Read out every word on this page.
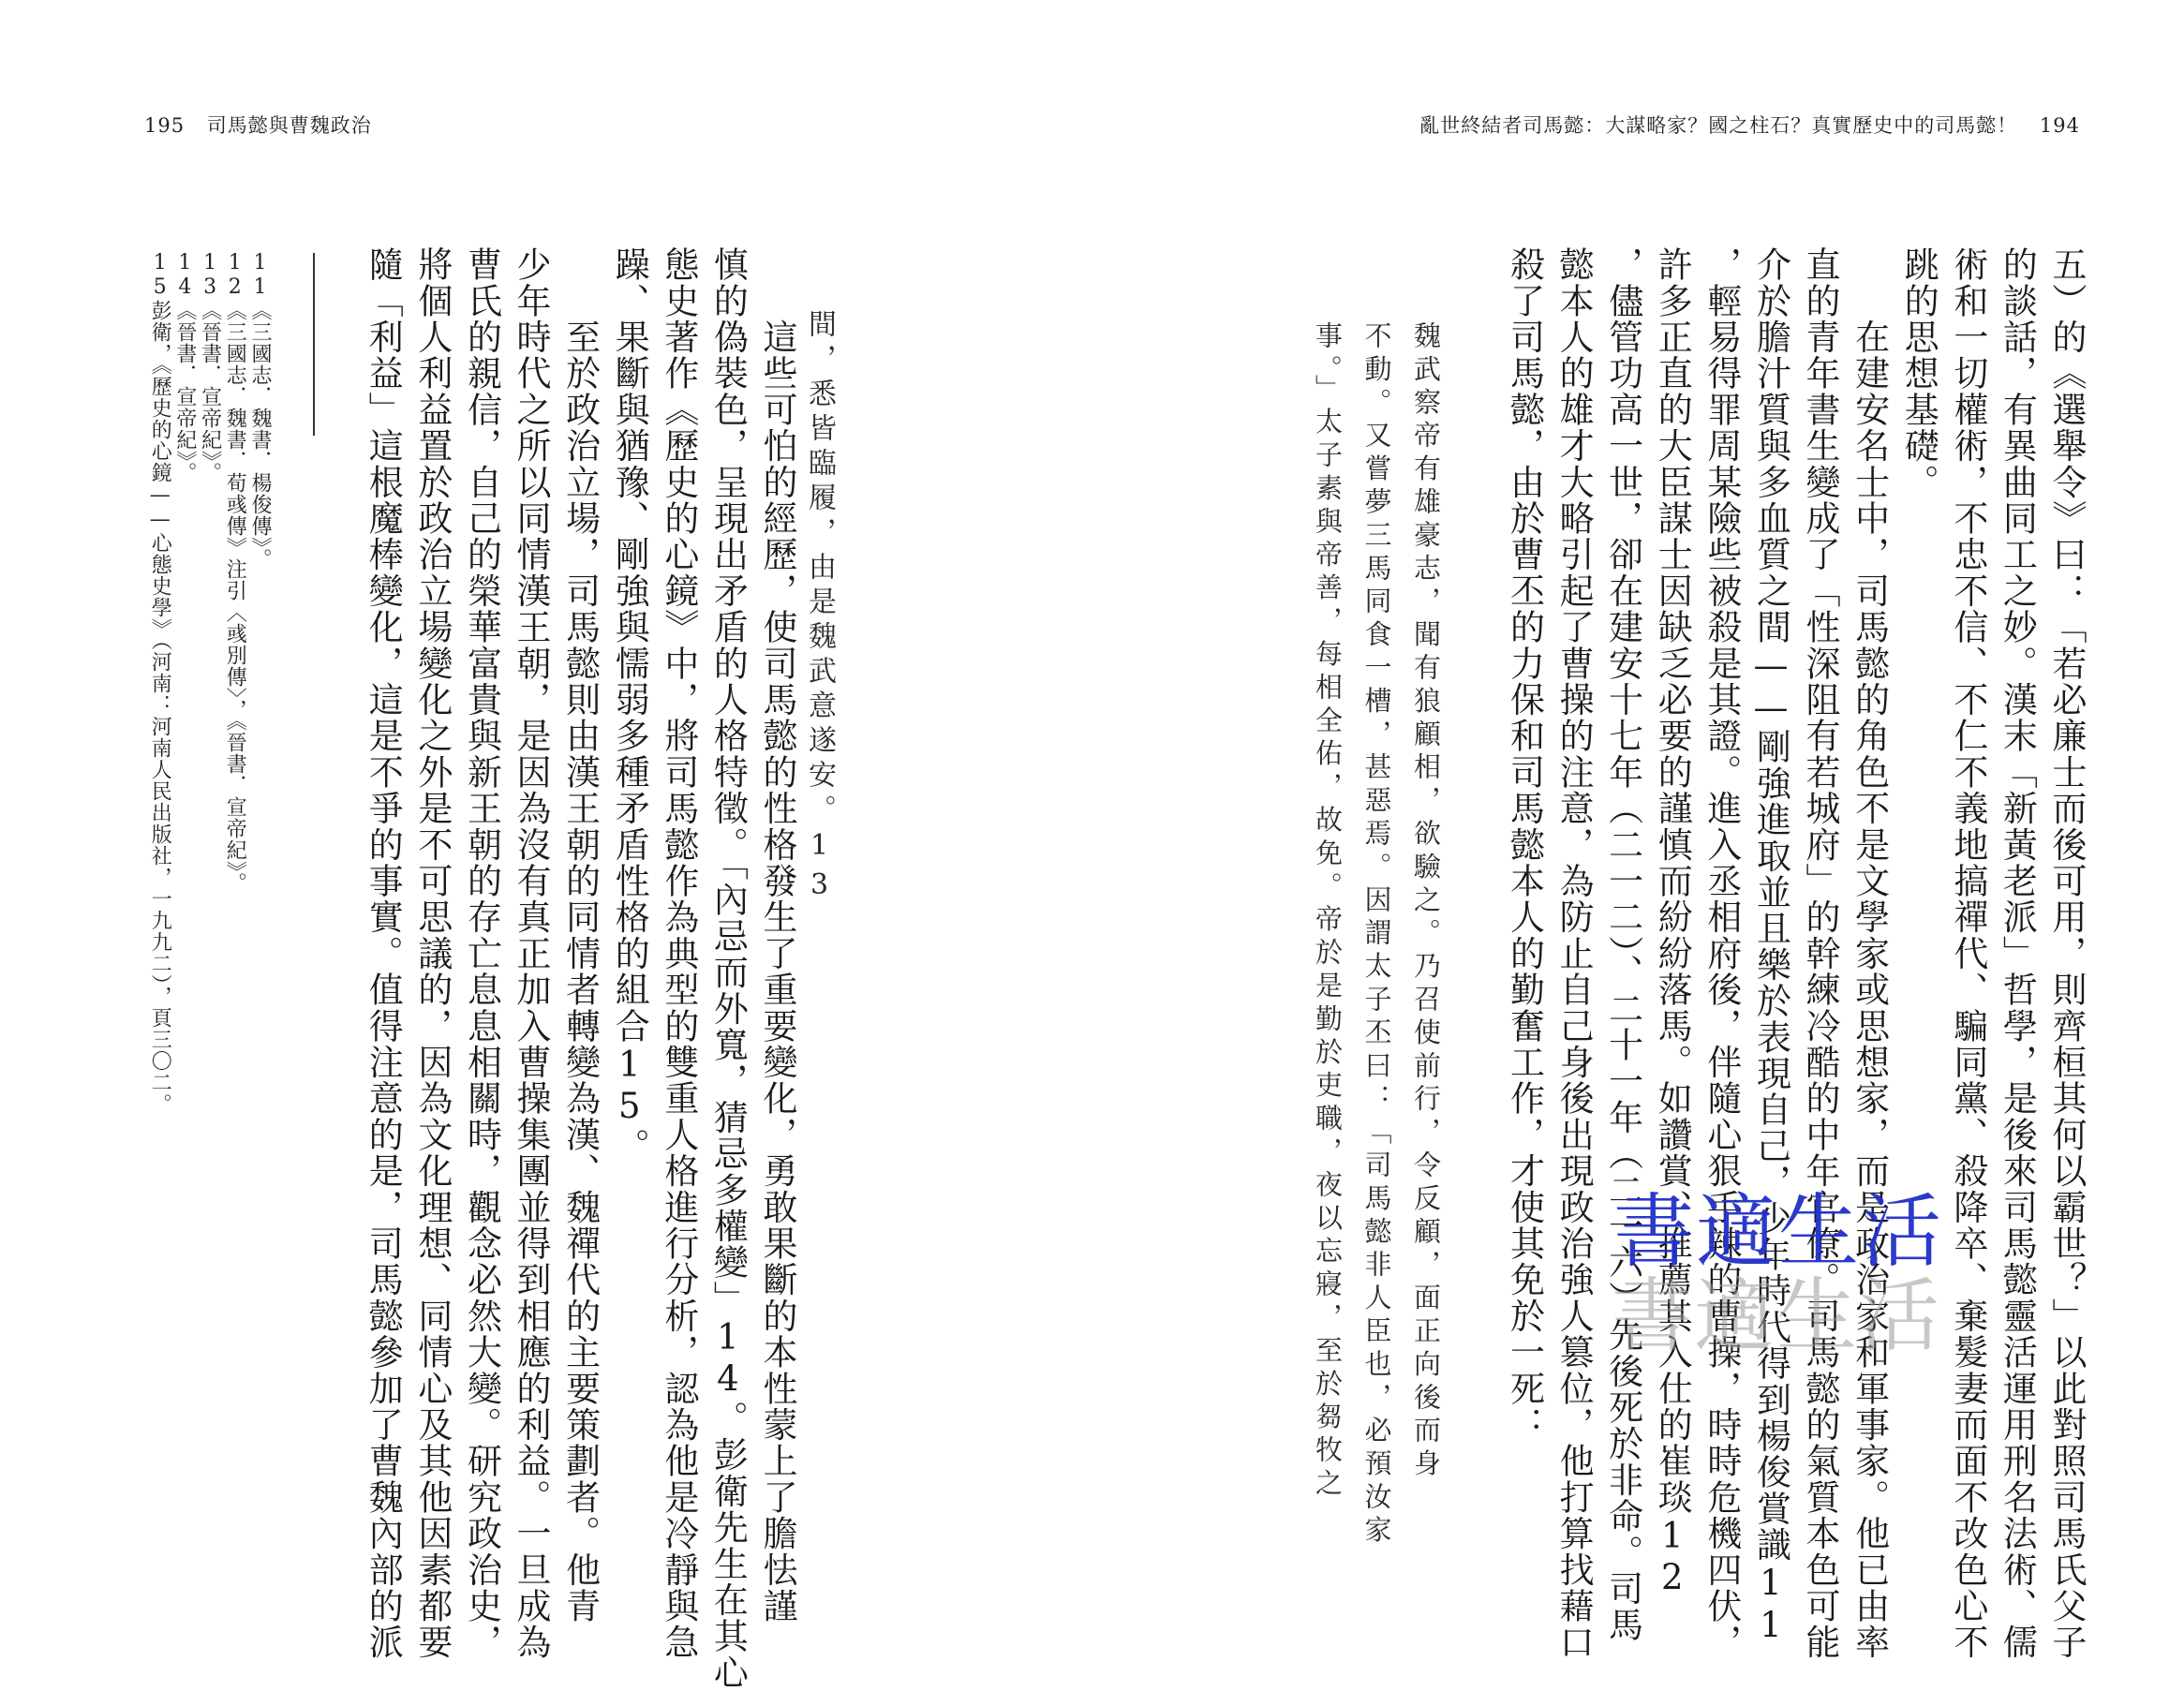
195 司馬懿與曹魏政治
間，悉皆臨履，由是魏武意遂安。13
　　這些可怕的經歷，使司馬懿的性格發生了重要變化，勇敢果斷的本性蒙上了膽怯謹
慎的偽裝色，呈現出矛盾的人格特徵。「內忌而外寬，猜忌多權變」14。彭衛先生在其心
態史著作《歷史的心鏡》中，將司馬懿作為典型的雙重人格進行分析，認為他是冷靜與急
躁、果斷與猶豫、剛強與懦弱多種矛盾性格的組合15。
　　至於政治立場，司馬懿則由漢王朝的同情者轉變為漢、魏禪代的主要策劃者。他青
少年時代之所以同情漢王朝，是因為沒有真正加入曹操集團並得到相應的利益。一旦成為
曹氏的親信，自己的榮華富貴與新王朝的存亡息息相關時，觀念必然大變。研究政治史，
將個人利益置於政治立場變化之外是不可思議的，因為文化理想、同情心及其他因素都要
隨「利益」這根魔棒變化，這是不爭的事實。值得注意的是，司馬懿參加了曹魏內部的派
11《三國志．魏書．楊俊傳》。
12《三國志．魏書．荀彧傳》注引〈彧別傳〉，《晉書．宣帝紀》。
13《晉書．宣帝紀》。
14《晉書．宣帝紀》。
15彭衛，《歷史的心鏡——心態史學》（河南：河南人民出版社，一九九二），頁三〇二。
亂世終結者司馬懿：大謀略家？國之柱石？真實歷史中的司馬懿！ 194
五）的《選舉令》曰：「若必廉士而後可用，則齊桓其何以霸世？」以此對照司馬氏父子
的談話，有異曲同工之妙。漢末「新黃老派」哲學，是後來司馬懿靈活運用刑名法術、儒
術和一切權術，不忠不信、不仁不義地搞禪代、騙同黨、殺降卒、棄髮妻而面不改色心不
跳的思想基礎。
　　在建安名士中，司馬懿的角色不是文學家或思想家，而是政治家和軍事家。他已由率
直的青年書生變成了「性深阻有若城府」的幹練冷酷的中年官僚。司馬懿的氣質本色可能
介於膽汁質與多血質之間——剛強進取並且樂於表現自己，少年時代得到楊俊賞識11
，輕易得罪周某險些被殺是其證。進入丞相府後，伴隨心狠手辣的曹操，時時危機四伏，
許多正直的大臣謀士因缺乏必要的謹慎而紛紛落馬。如讚賞、推薦其入仕的崔琰12
，儘管功高一世，卻在建安十七年（二一二）、二十一年（二一六）先後死於非命。司馬
懿本人的雄才大略引起了曹操的注意，為防止自己身後出現政治強人篡位，他打算找藉口
殺了司馬懿，由於曹丕的力保和司馬懿本人的勤奮工作，才使其免於一死：
魏武察帝有雄豪志，聞有狼顧相，欲驗之。乃召使前行，令反顧，面正向後而身
不動。又嘗夢三馬同食一槽，甚惡焉。因謂太子丕曰：「司馬懿非人臣也，必預汝家
事。」太子素與帝善，每相全佑，故免。帝於是勤於吏職，夜以忘寢，至於芻牧之	書適生活
書適生活
